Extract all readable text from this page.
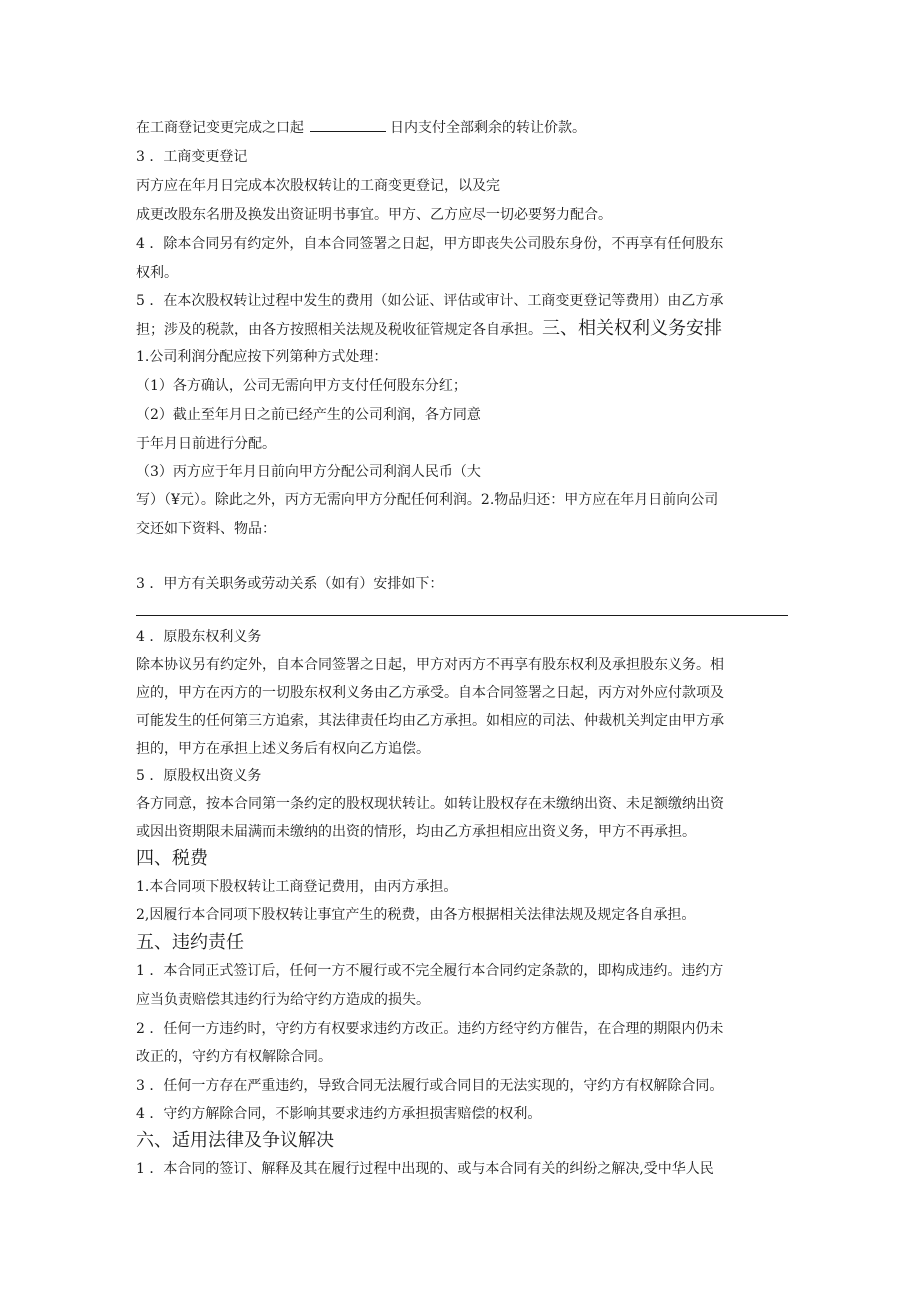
在工商登记变更完成之口起	日内支付全部剩余的转让价款。
3 ．工商变更登记
丙方应在年月日完成本次股权转让的工商变更登记，以及完
成更改股东名册及换发出资证明书事宜。甲方、乙方应尽一切必要努力配合。
4 ．除本合同另有约定外，自本合同签署之日起，甲方即丧失公司股东身份，不再享有任何股东
权利。
5 ．在本次股权转让过程中发生的费用（如公证、评估或审计、工商变更登记等费用）由乙方承
担；涉及的税款，由各方按照相关法规及税收征管规定各自承担。三、相关权利义务安排
1.公司利润分配应按下列第种方式处理：
（1）各方确认，公司无需向甲方支付任何股东分红；
（2）截止至年月日之前已经产生的公司利润，各方同意
于年月日前进行分配。
（3）丙方应于年月日前向甲方分配公司利润人民币（大
写）（¥元）。除此之外，丙方无需向甲方分配任何利润。2.物品归还：甲方应在年月日前向公司
交还如下资料、物品：
3 ．甲方有关职务或劳动关系（如有）安排如下：
4 ．原股东权利义务
除本协议另有约定外，自本合同签署之日起，甲方对丙方不再享有股东权利及承担股东义务。相
应的，甲方在丙方的一切股东权利义务由乙方承受。自本合同签署之日起，丙方对外应付款项及
可能发生的任何第三方追索，其法律责任均由乙方承担。如相应的司法、仲裁机关判定由甲方承
担的，甲方在承担上述义务后有权向乙方追偿。
5 ．原股权出资义务
各方同意，按本合同第一条约定的股权现状转让。如转让股权存在未缴纳出资、未足额缴纳出资
或因出资期限未届满而未缴纳的出资的情形，均由乙方承担相应出资义务，甲方不再承担。
四、税费
1.本合同项下股权转让工商登记费用，由丙方承担。
2,因履行本合同项下股权转让事宜产生的税费，由各方根据相关法律法规及规定各自承担。
五、违约责任
1 ．本合同正式签订后，任何一方不履行或不完全履行本合同约定条款的，即构成违约。违约方
应当负责赔偿其违约行为给守约方造成的损失。
2 ．任何一方违约时，守约方有权要求违约方改正。违约方经守约方催告，在合理的期限内仍未
改正的，守约方有权解除合同。
3 ．任何一方存在严重违约，导致合同无法履行或合同目的无法实现的，守约方有权解除合同。
4 ．守约方解除合同，不影响其要求违约方承担损害赔偿的权利。
六、适用法律及争议解决
1 ．本合同的签订、解释及其在履行过程中出现的、或与本合同有关的纠纷之解决,受中华人民
